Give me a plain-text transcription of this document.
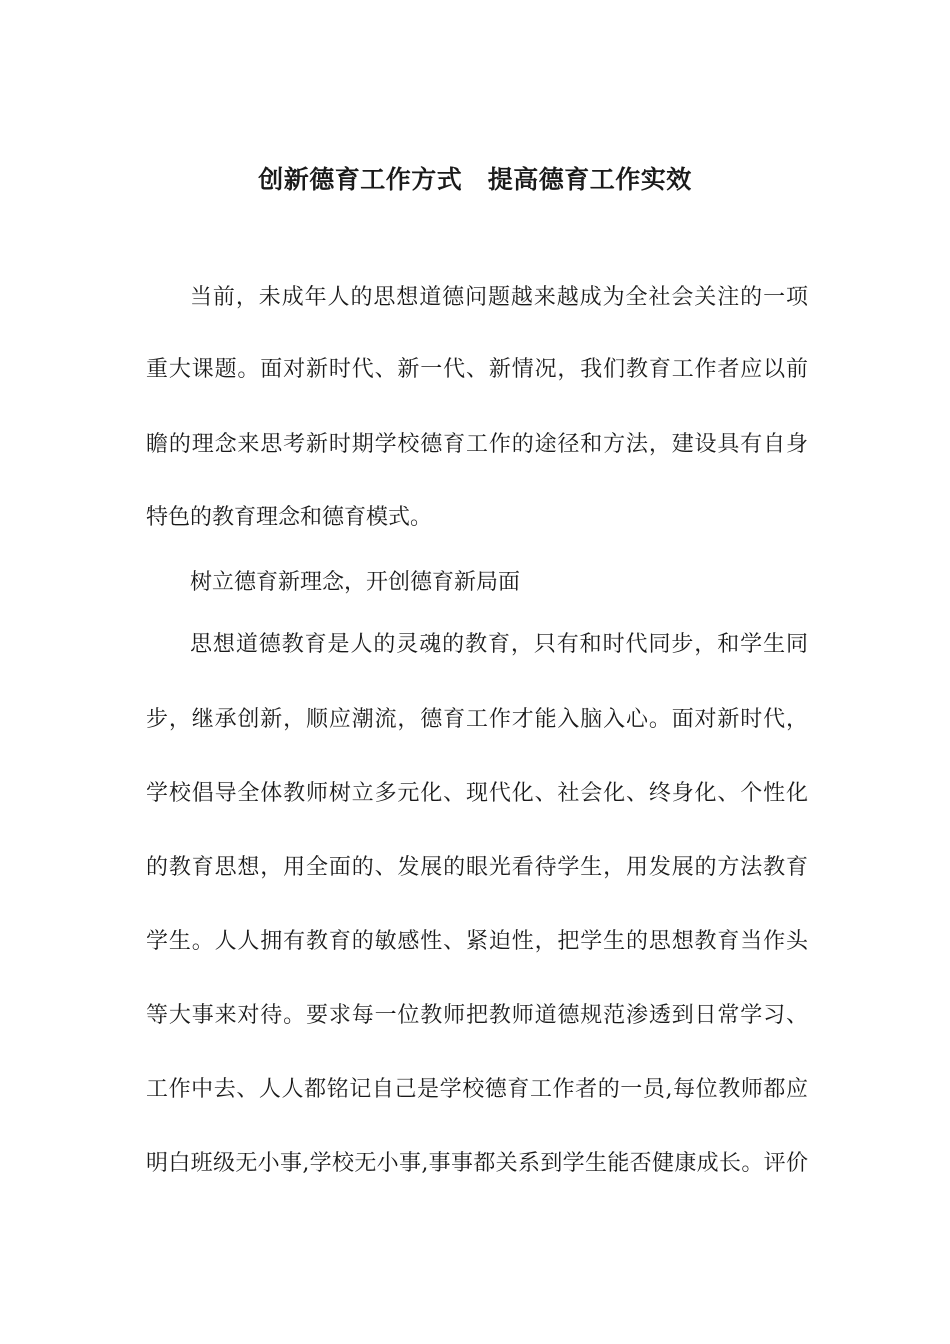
创新德育工作方式　提高德育工作实效
当前，未成年人的思想道德问题越来越成为全社会关注的一项
重大课题。面对新时代、新一代、新情况，我们教育工作者应以前
瞻的理念来思考新时期学校德育工作的途径和方法，建设具有自身
特色的教育理念和德育模式。
树立德育新理念，开创德育新局面
思想道德教育是人的灵魂的教育，只有和时代同步，和学生同
步，继承创新，顺应潮流，德育工作才能入脑入心。面对新时代，
学校倡导全体教师树立多元化、现代化、社会化、终身化、个性化
的教育思想，用全面的、发展的眼光看待学生，用发展的方法教育
学生。人人拥有教育的敏感性、紧迫性，把学生的思想教育当作头
等大事来对待。要求每一位教师把教师道德规范渗透到日常学习、
工作中去、人人都铭记自己是学校德育工作者的一员,每位教师都应
明白班级无小事,学校无小事,事事都关系到学生能否健康成长。评价
